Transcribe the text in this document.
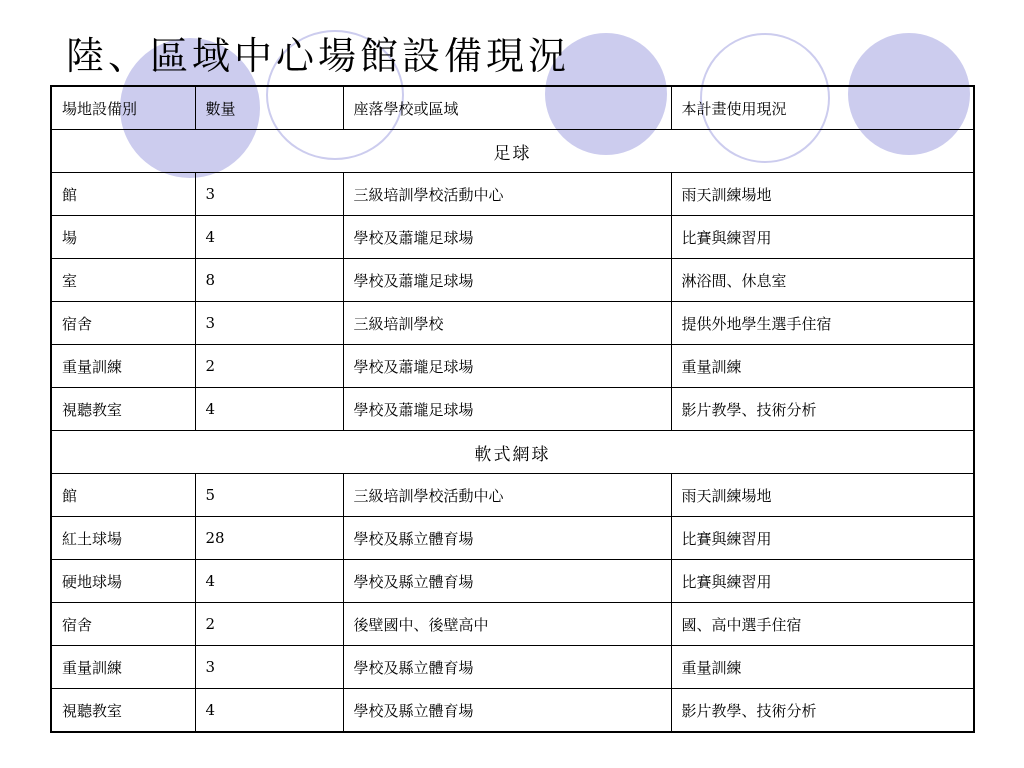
陸、區域中心場館設備現況
場地設備別	數量	座落學校或區域	本計畫使用現況
足球			
館	3	三級培訓學校活動中心	雨天訓練場地
場	4	學校及蕭壠足球場	比賽與練習用
室	8	學校及蕭壠足球場	淋浴間、休息室
宿舍	3	三級培訓學校	提供外地學生選手住宿
重量訓練	2	學校及蕭壠足球場	重量訓練
視聽教室	4	學校及蕭壠足球場	影片教學、技術分析
軟式網球			
館	5	三級培訓學校活動中心	雨天訓練場地
紅土球場	28	學校及縣立體育場	比賽與練習用
硬地球場	4	學校及縣立體育場	比賽與練習用
宿舍	2	後壁國中、後壁高中	國、高中選手住宿
重量訓練	3	學校及縣立體育場	重量訓練
視聽教室	4	學校及縣立體育場	影片教學、技術分析
